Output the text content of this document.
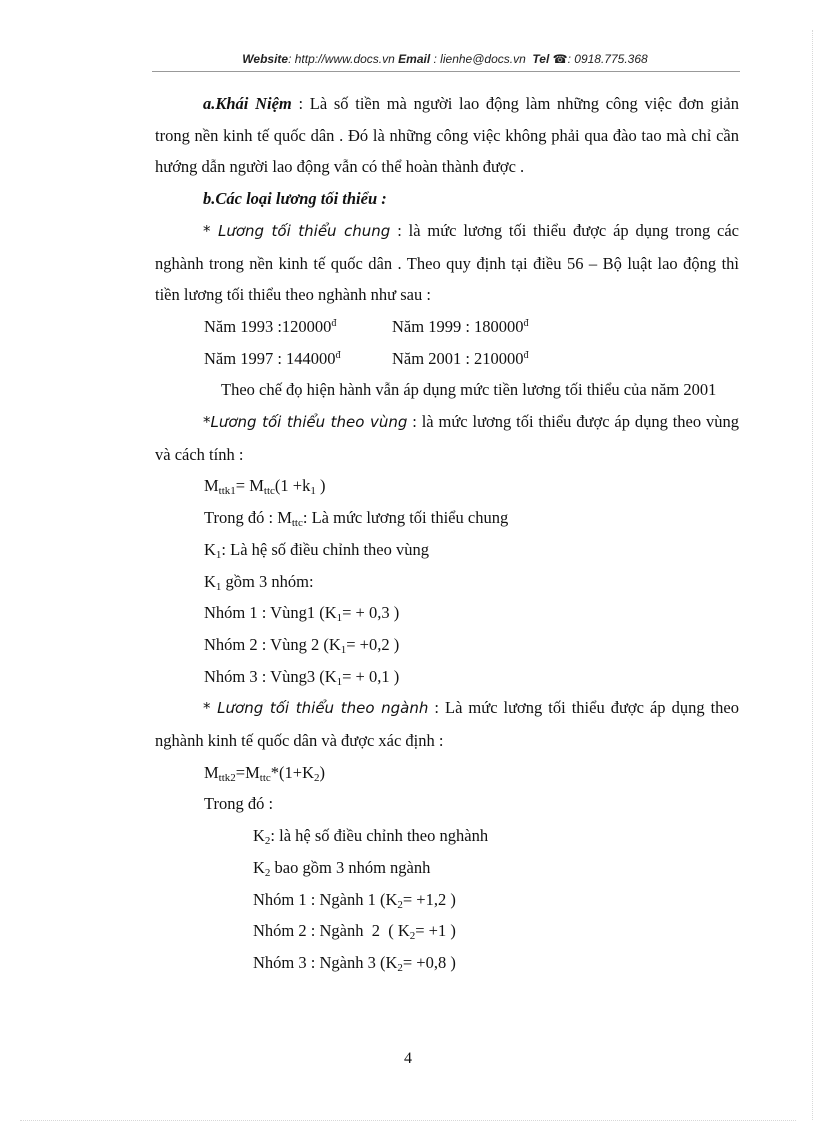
Website: http://www.docs.vn Email : lienhe@docs.vn Tel ☎: 0918.775.368

a.Khái Niệm : Là số tiền mà người lao động làm những công việc đơn giản trong nền kinh tế quốc dân . Đó là những công việc không phải qua đào tao mà chỉ cần hướng dẫn người lao động vẫn có thể hoàn thành được .

b.Các loại lương tối thiểu :

* Lương tối thiểu chung : là mức lương tối thiểu được áp dụng trong các nghành trong nền kinh tế quốc dân . Theo quy định tại điều 56 – Bộ luật lao động thì tiền lương tối thiểu theo nghành như sau :

Năm 1993 $:120000^đ$	Năm 1999 : $180000^đ$

Năm 1997 : $144000^đ$	Năm 2001 : $210000^đ$

Theo chế đọ hiện hành vẫn áp dụng mức tiền lương tối thiểu của năm 2001

*Lương tối thiểu theo vùng : là mức lương tối thiểu được áp dụng theo vùng và cách tính :

$M_{ttk1}= M_{ttc}(1 +k_1$ )

Trong đó : $M_{ttc}$: Là mức lương tối thiểu chung

$K_1$: Là hệ số điều chỉnh theo vùng

$K_1$ gồm 3 nhóm:

Nhóm 1 : Vùng1 ($K_1= + 0,3$ )

Nhóm 2 : Vùng 2 ($K_1= +0,2$ )

Nhóm 3 : Vùng3 ($K_1= + 0,1$ )

* Lương tối thiểu theo ngành : Là mức lương tối thiểu được áp dụng theo nghành kinh tế quốc dân và được xác định :

$M_{ttk2}=M_{ttc}*(1+K_2)$

Trong đó :

$K_2$: là hệ số điều chỉnh theo nghành

$K_2$ bao gồm 3 nhóm ngành

Nhóm 1 : Ngành 1 ($K_2= +1,2$ )

Nhóm 2 : Ngành  2  ( $K_2= +1$ )

Nhóm 3 : Ngành 3 ($K_2= +0,8$ )

4
